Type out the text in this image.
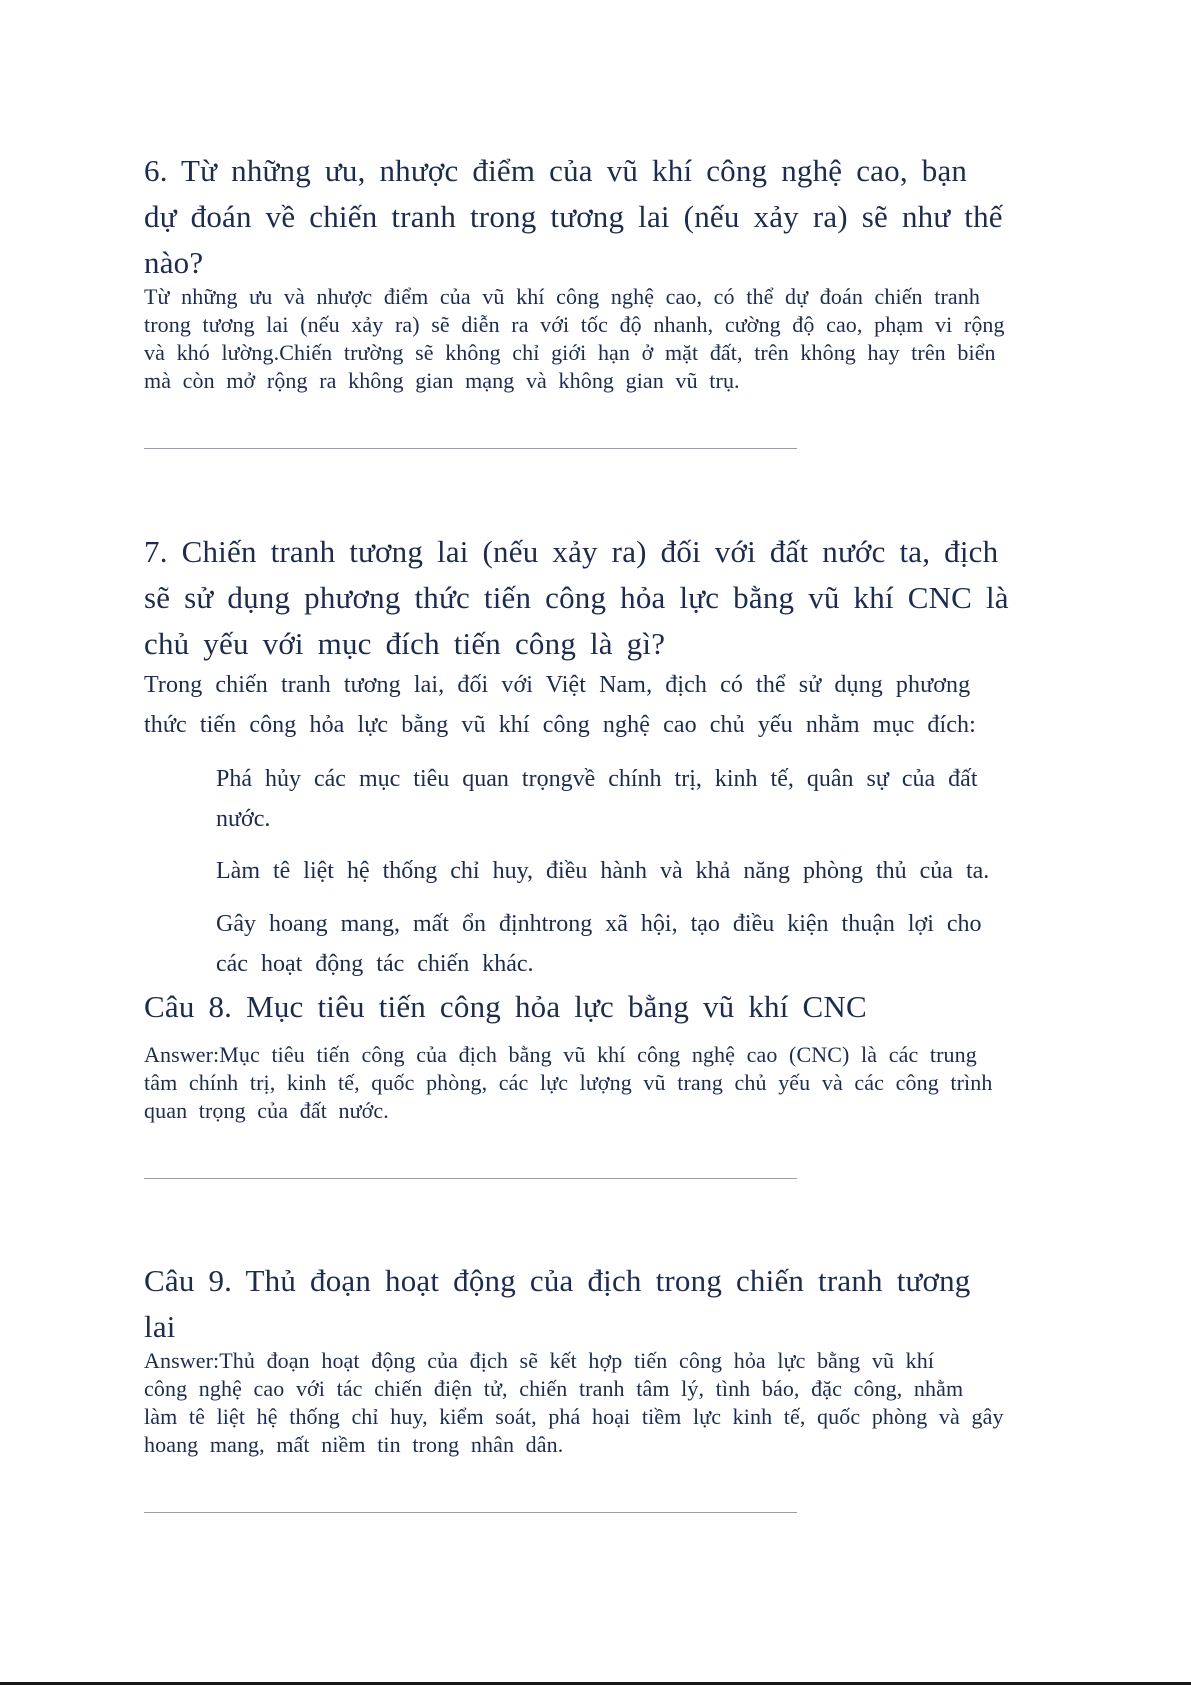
6. Từ những ưu, nhược điểm của vũ khí công nghệ cao, bạn
dự đoán về chiến tranh trong tương lai (nếu xảy ra) sẽ như thế
nào?
Từ những ưu và nhược điểm của vũ khí công nghệ cao, có thể dự đoán chiến tranh
trong tương lai (nếu xảy ra) sẽ diễn ra với tốc độ nhanh, cường độ cao, phạm vi rộng
và khó lường.Chiến trường sẽ không chỉ giới hạn ở mặt đất, trên không hay trên biển
mà còn mở rộng ra không gian mạng và không gian vũ trụ.
7. Chiến tranh tương lai (nếu xảy ra) đối với đất nước ta, địch
sẽ sử dụng phương thức tiến công hỏa lực bằng vũ khí CNC là
chủ yếu với mục đích tiến công là gì?
Trong chiến tranh tương lai, đối với Việt Nam, địch có thể sử dụng phương
thức tiến công hỏa lực bằng vũ khí công nghệ cao chủ yếu nhằm mục đích:
Phá hủy các mục tiêu quan trọngvề chính trị, kinh tế, quân sự của đất
nước.
Làm tê liệt hệ thống chỉ huy, điều hành và khả năng phòng thủ của ta.
Gây hoang mang, mất ổn địnhtrong xã hội, tạo điều kiện thuận lợi cho
các hoạt động tác chiến khác.
Câu 8. Mục tiêu tiến công hỏa lực bằng vũ khí CNC
Answer:Mục tiêu tiến công của địch bằng vũ khí công nghệ cao (CNC) là các trung
tâm chính trị, kinh tế, quốc phòng, các lực lượng vũ trang chủ yếu và các công trình
quan trọng của đất nước.
Câu 9. Thủ đoạn hoạt động của địch trong chiến tranh tương
lai
Answer:Thủ đoạn hoạt động của địch sẽ kết hợp tiến công hỏa lực bằng vũ khí
công nghệ cao với tác chiến điện tử, chiến tranh tâm lý, tình báo, đặc công, nhằm
làm tê liệt hệ thống chỉ huy, kiểm soát, phá hoại tiềm lực kinh tế, quốc phòng và gây
hoang mang, mất niềm tin trong nhân dân.
